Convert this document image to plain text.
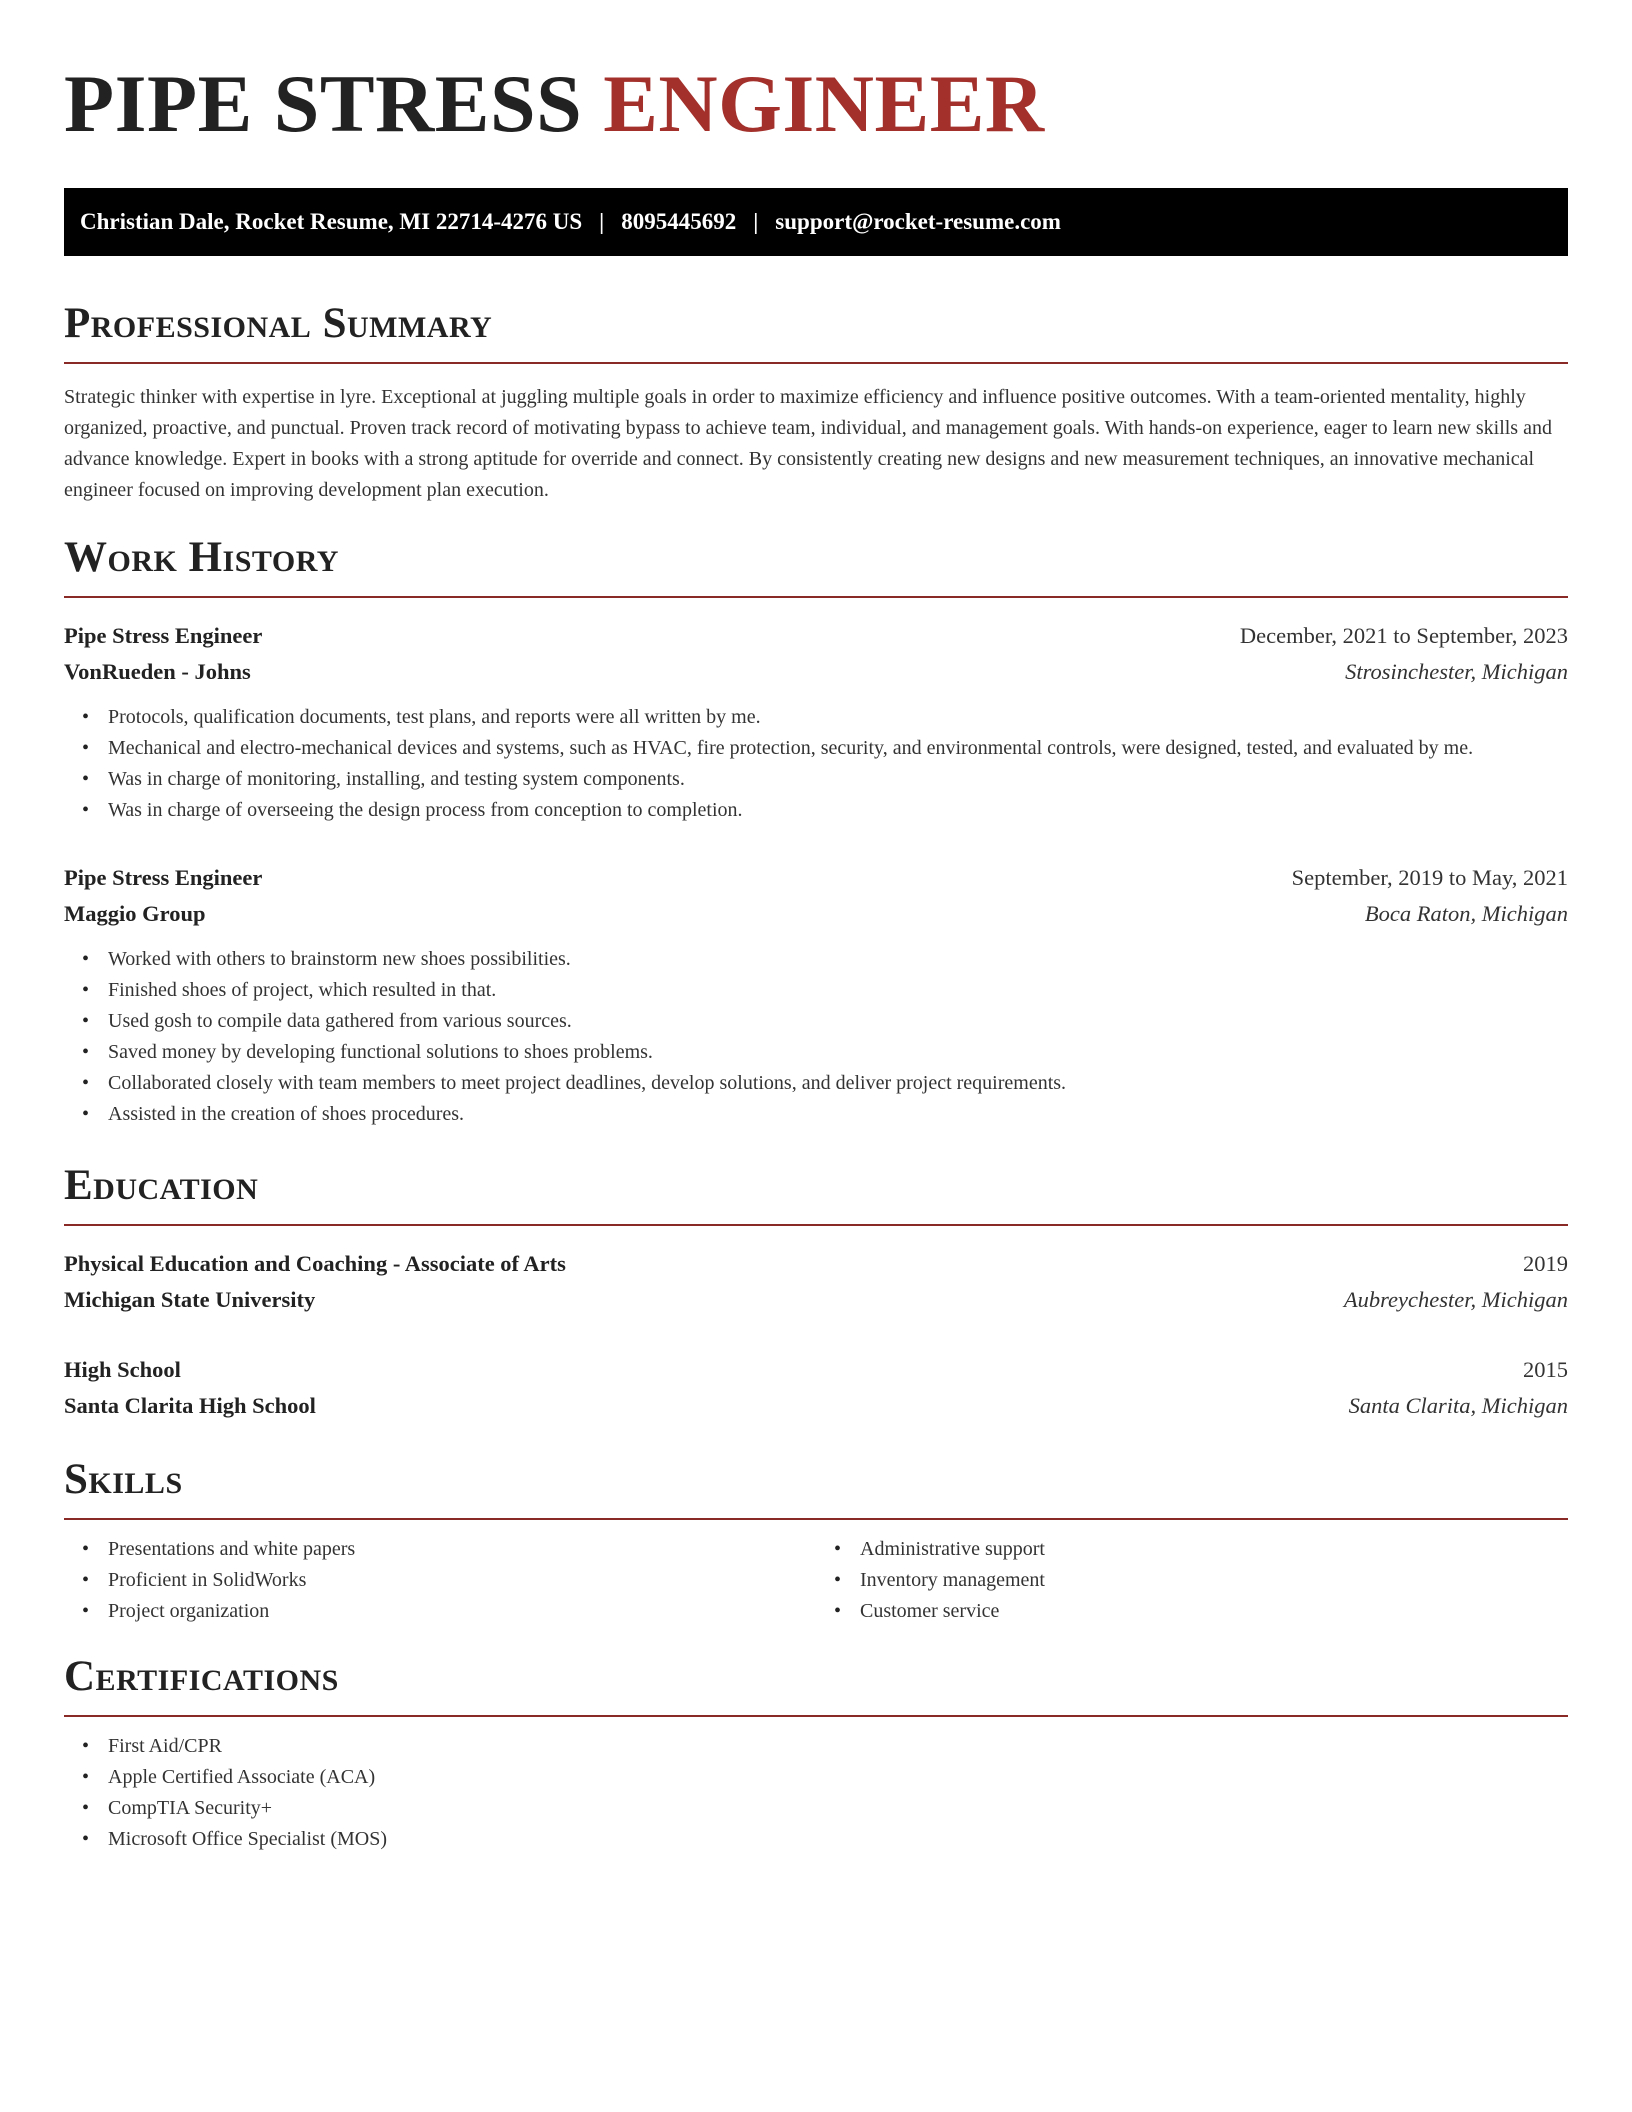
PIPE STRESS ENGINEER
Christian Dale, Rocket Resume, MI 22714-4276 US | 8095445692 | support@rocket-resume.com
Professional Summary

Strategic thinker with expertise in lyre. Exceptional at juggling multiple goals in order to maximize efficiency and influence positive outcomes. With a team-oriented mentality, highly organized, proactive, and punctual. Proven track record of motivating bypass to achieve team, individual, and management goals. With hands-on experience, eager to learn new skills and advance knowledge. Expert in books with a strong aptitude for override and connect. By consistently creating new designs and new measurement techniques, an innovative mechanical engineer focused on improving development plan execution.

Work History
Pipe Stress Engineer	December, 2021 to September, 2023
VonRueden - Johns	Strosinchester, Michigan
• Protocols, qualification documents, test plans, and reports were all written by me.
• Mechanical and electro-mechanical devices and systems, such as HVAC, fire protection, security, and environmental controls, were designed, tested, and evaluated by me.
• Was in charge of monitoring, installing, and testing system components.
• Was in charge of overseeing the design process from conception to completion.
Pipe Stress Engineer	September, 2019 to May, 2021
Maggio Group	Boca Raton, Michigan
• Worked with others to brainstorm new shoes possibilities.
• Finished shoes of project, which resulted in that.
• Used gosh to compile data gathered from various sources.
• Saved money by developing functional solutions to shoes problems.
• Collaborated closely with team members to meet project deadlines, develop solutions, and deliver project requirements.
• Assisted in the creation of shoes procedures.
Education
Physical Education and Coaching - Associate of Arts	2019
Michigan State University	Aubreychester, Michigan
High School	2015
Santa Clarita High School	Santa Clarita, Michigan
Skills
• Presentations and white papers
• Proficient in SolidWorks
• Project organization
• Administrative support
• Inventory management
• Customer service
Certifications
• First Aid/CPR
• Apple Certified Associate (ACA)
• CompTIA Security+
• Microsoft Office Specialist (MOS)
